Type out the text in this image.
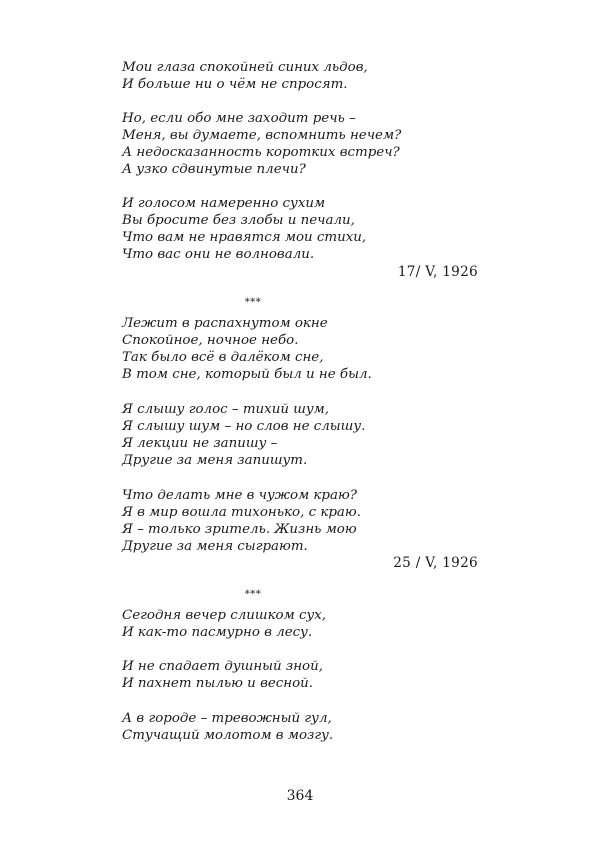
Мои глаза спокойней синих льдов,
И больше ни о чём не спросят.
Но, если обо мне заходит речь –
Меня, вы думаете, вспомнить нечем?
А недосказанность коротких встреч?
А узко сдвинутые плечи?
И голосом намеренно сухим
Вы бросите без злобы и печали,
Что вам не нравятся мои стихи,
Что вас они не волновали.
17/ V, 1926
***
Лежит в распахнутом окне
Спокойное, ночное небо.
Так было всё в далёком сне,
В том сне, который был и не был.
Я слышу голос – тихий шум,
Я слышу шум – но слов не слышу.
Я лекции не запишу –
Другие за меня запишут.
Что делать мне в чужом краю?
Я в мир вошла тихонько, с краю.
Я – только зритель. Жизнь мою
Другие за меня сыграют.
25 / V, 1926
***
Сегодня вечер слишком сух,
И как-то пасмурно в лесу.
И не спадает душный зной,
И пахнет пылью и весной.
А в городе – тревожный гул,
Стучащий молотом в мозгу.
364
